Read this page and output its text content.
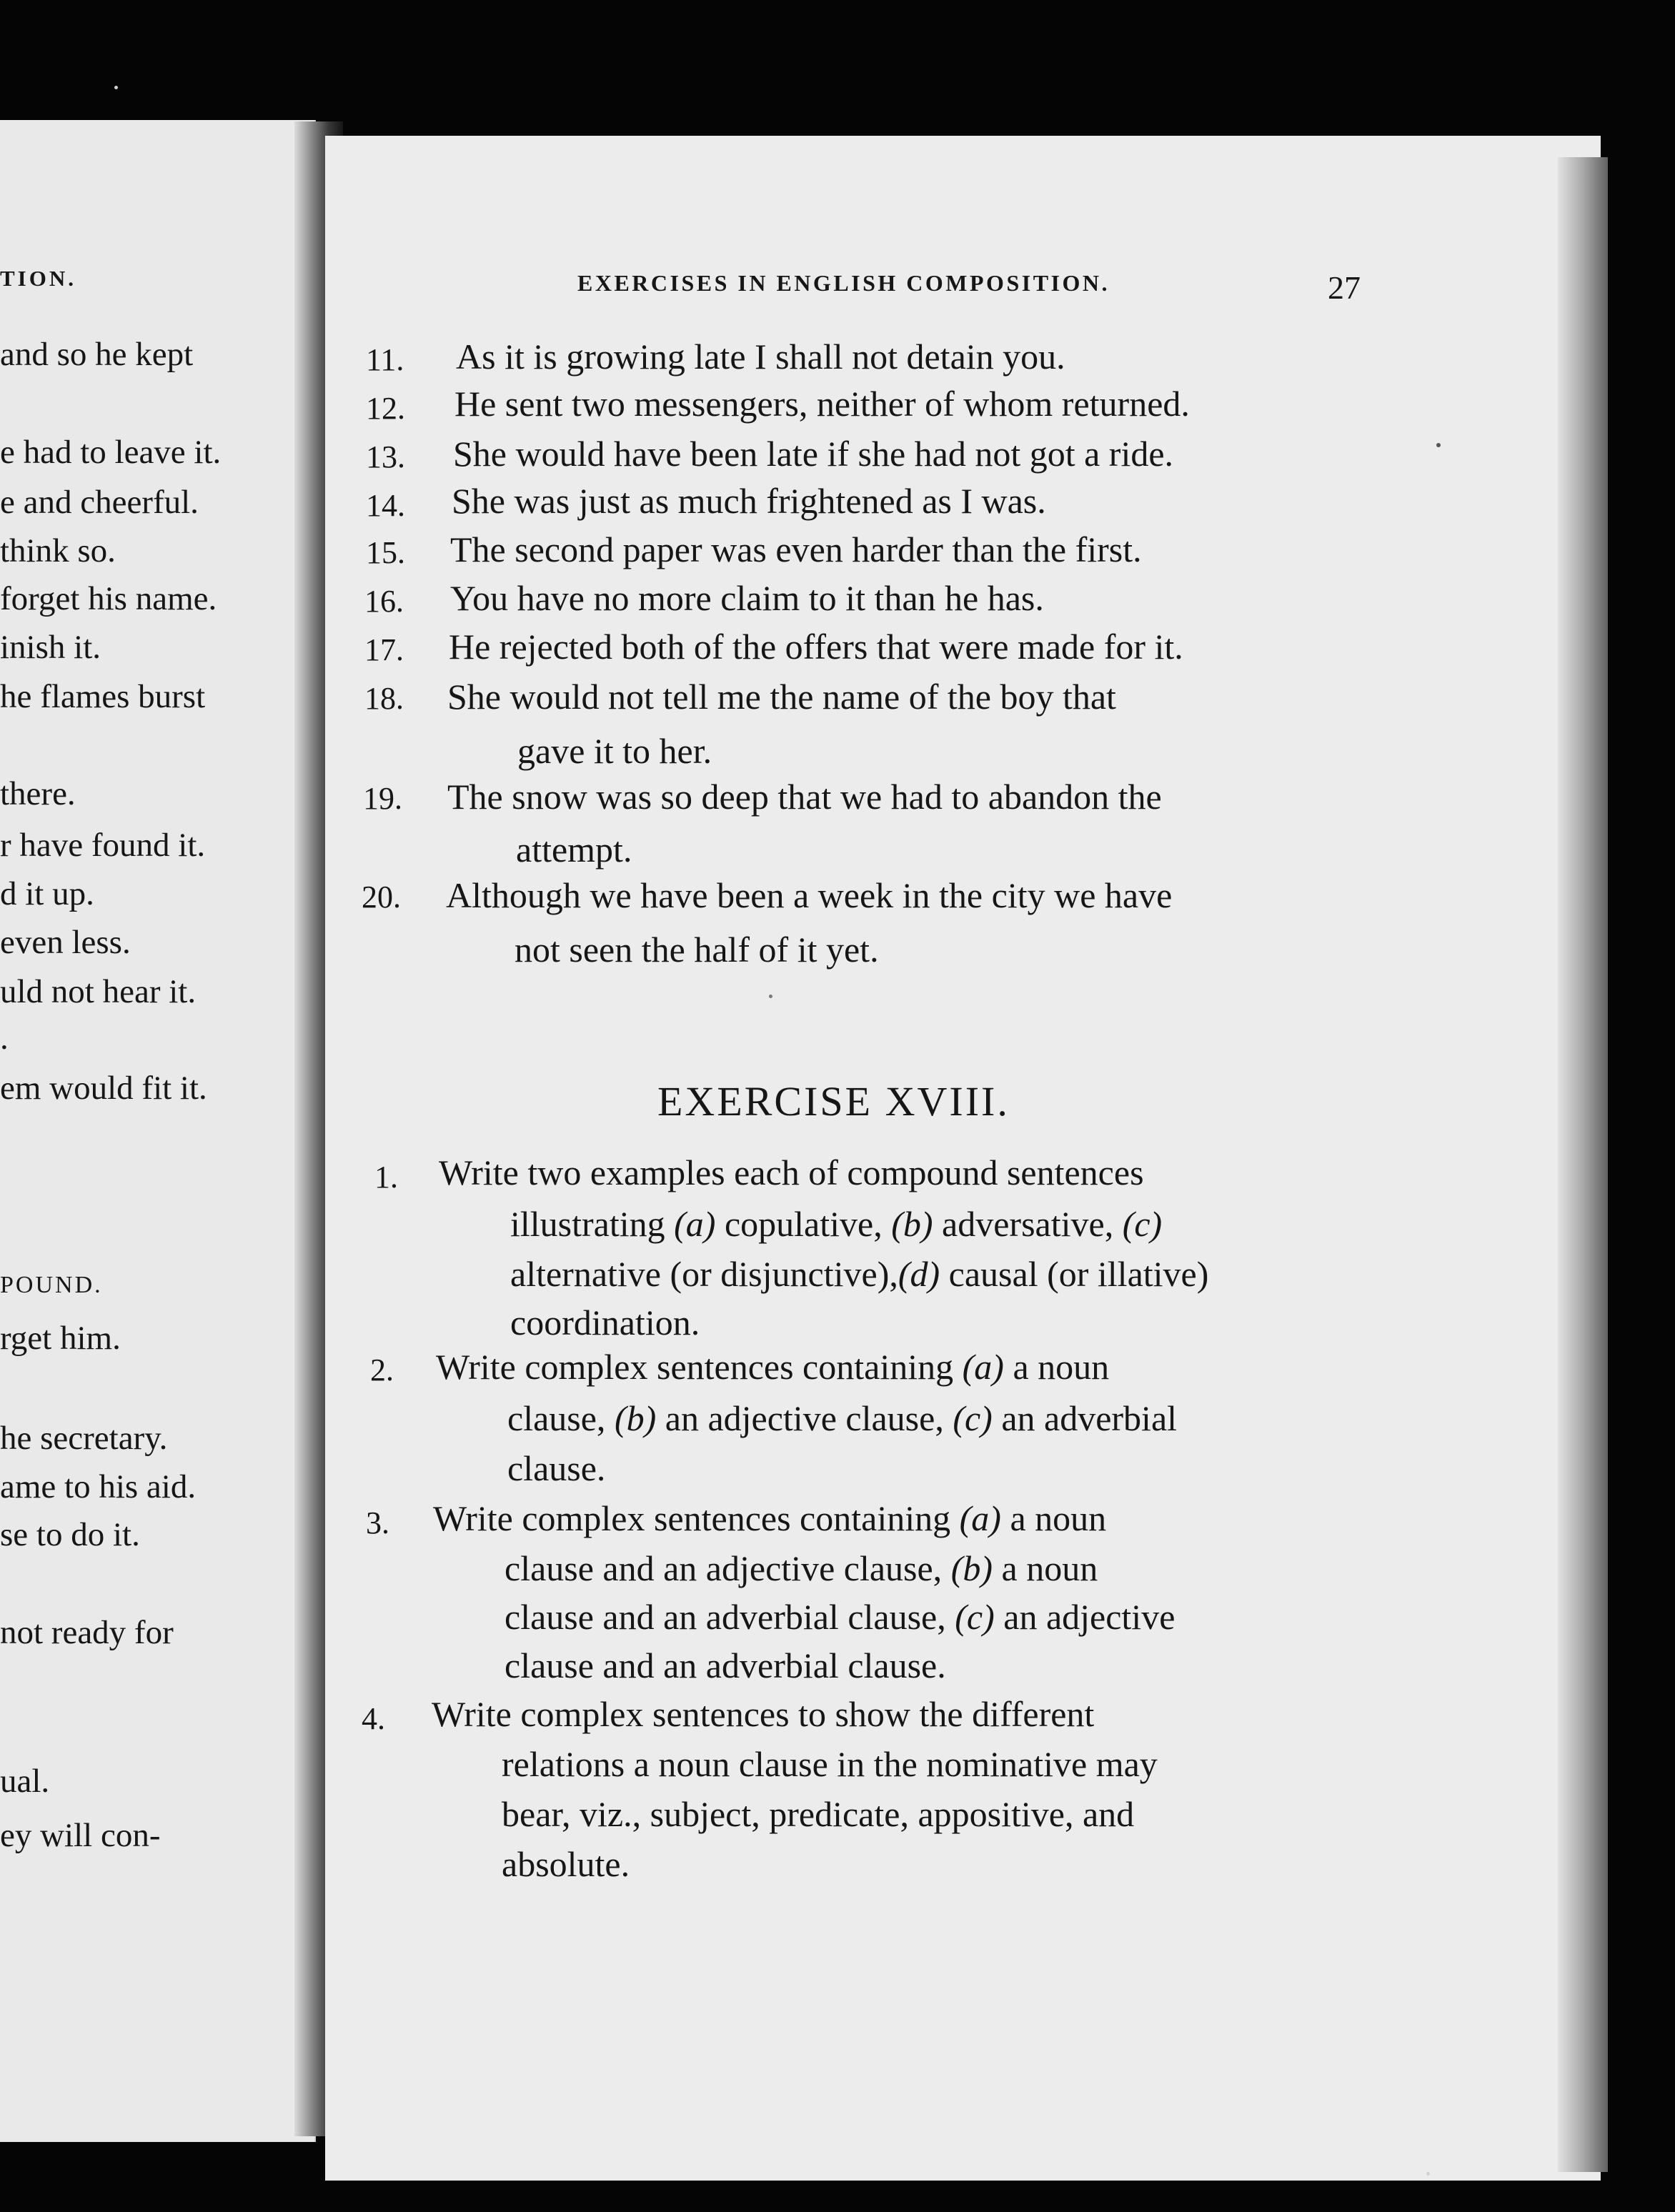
TION.
and so he kept
e had to leave it.
e and cheerful.
think so.
forget his name.
inish it.
he flames burst
there.
r have found it.
d it up.
even less.
uld not hear it.
.
em would fit it.
POUND.
rget him.
he secretary.
ame to his aid.
se to do it.
not ready for
ual.
ey will con-
EXERCISES IN ENGLISH COMPOSITION.	27
11. As it is growing late I shall not detain you.
12. He sent two messengers, neither of whom returned.
13. She would have been late if she had not got a ride.
14. She was just as much frightened as I was.
15. The second paper was even harder than the first.
16. You have no more claim to it than he has.
17. He rejected both of the offers that were made for it.
18. She would not tell me the name of the boy that
gave it to her.
19. The snow was so deep that we had to abandon the
attempt.
20. Although we have been a week in the city we have
not seen the half of it yet.
EXERCISE XVIII.
1. Write two examples each of compound sentences
illustrating (a) copulative, (b) adversative, (c)
alternative (or disjunctive),(d) causal (or illative)
coordination.
2. Write complex sentences containing (a) a noun
clause, (b) an adjective clause, (c) an adverbial
clause.
3. Write complex sentences containing (a) a noun
clause and an adjective clause, (b) a noun
clause and an adverbial clause, (c) an adjective
clause and an adverbial clause.
4. Write complex sentences to show the different
relations a noun clause in the nominative may
bear, viz., subject, predicate, appositive, and
absolute.
